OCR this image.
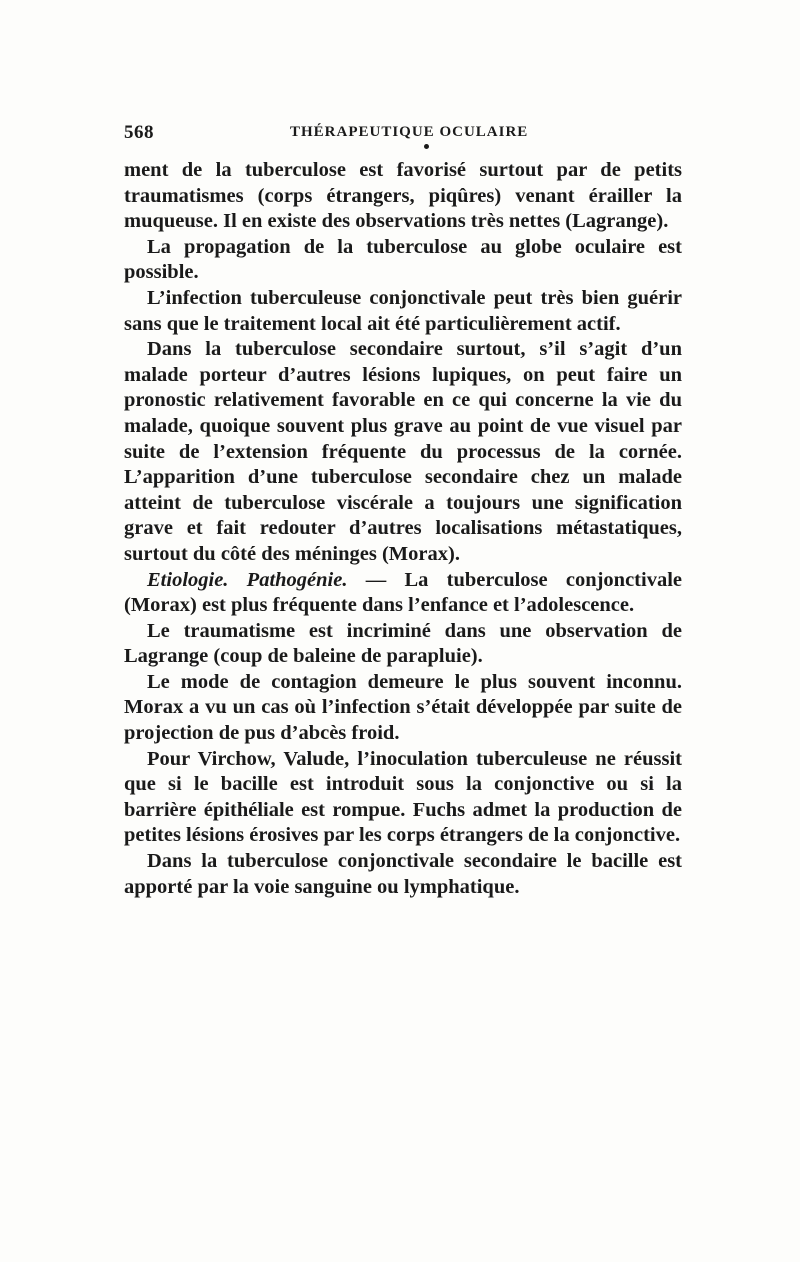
568	THÉRAPEUTIQUE OCULAIRE

ment de la tuberculose est favorisé surtout par de petits traumatismes (corps étrangers, piqûres) venant érailler la muqueuse. Il en existe des observations très nettes (Lagrange).

La propagation de la tuberculose au globe oculaire est possible.

L’infection tuberculeuse conjonctivale peut très bien guérir sans que le traitement local ait été particulièrement actif.

Dans la tuberculose secondaire surtout, s’il s’agit d’un malade porteur d’autres lésions lupiques, on peut faire un pronostic relativement favorable en ce qui concerne la vie du malade, quoique souvent plus grave au point de vue visuel par suite de l’extension fréquente du processus de la cornée. L’apparition d’une tuberculose secondaire chez un malade atteint de tuberculose viscérale a toujours une signification grave et fait redouter d’autres localisations métastatiques, surtout du côté des méninges (Morax).

Etiologie. Pathogénie. — La tuberculose conjonctivale (Morax) est plus fréquente dans l’enfance et l’adolescence.

Le traumatisme est incriminé dans une observation de Lagrange (coup de baleine de parapluie).

Le mode de contagion demeure le plus souvent inconnu. Morax a vu un cas où l’infection s’était développée par suite de projection de pus d’abcès froid.

Pour Virchow, Valude, l’inoculation tuberculeuse ne réussit que si le bacille est introduit sous la conjonctive ou si la barrière épithéliale est rompue. Fuchs admet la production de petites lésions érosives par les corps étrangers de la conjonctive.

Dans la tuberculose conjonctivale secondaire le bacille est apporté par la voie sanguine ou lymphatique.
